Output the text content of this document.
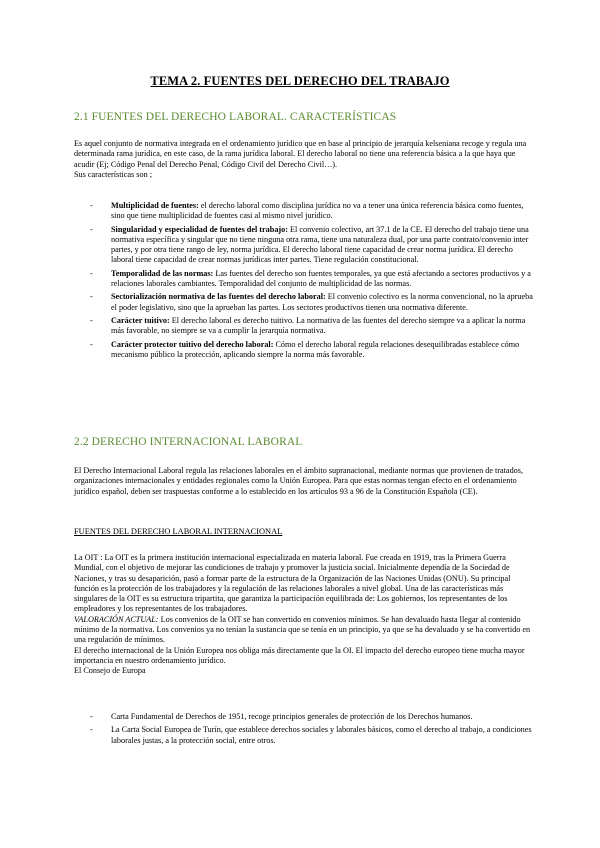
TEMA 2. FUENTES DEL DERECHO DEL TRABAJO
2.1 FUENTES DEL DERECHO LABORAL. CARACTERÍSTICAS

Es aquel conjunto de normativa integrada en el ordenamiento jurídico que en base al principio de jerarquía kelseniana recoge y regula una determinada rama jurídica, en este caso, de la rama jurídica laboral. El derecho laboral no tiene una referencia básica a la que haya que acudir (Ej; Código Penal del Derecho Penal, Código Civil del Derecho Civil…).

Sus características son ;

- Multiplicidad de fuentes: el derecho laboral como disciplina jurídica no va a tener una única referencia básica como fuentes, sino que tiene multiplicidad de fuentes casi al mismo nivel jurídico.
- Singularidad y especialidad de fuentes del trabajo: El convenio colectivo, art 37.1 de la CE. El derecho del trabajo tiene una normativa específica y singular que no tiene ninguna otra rama, tiene una naturaleza dual, por una parte contrato/convenio inter partes, y por otra tiene rango de ley, norma jurídica. El derecho laboral tiene capacidad de crear norma jurídica. El derecho laboral tiene capacidad de crear normas jurídicas inter partes. Tiene regulación constitucional.
- Temporalidad de las normas: Las fuentes del derecho son fuentes temporales, ya que está afectando a sectores productivos y a relaciones laborales cambiantes. Temporalidad del conjunto de multiplicidad de las normas.
- Sectorialización normativa de las fuentes del derecho laboral: El convenio colectivo es la norma convencional, no la aprueba el poder legislativo, sino que la aprueban las partes. Los sectores productivos tienen una normativa diferente.
- Carácter tuitivo: El derecho laboral es derecho tuitivo. La normativa de las fuentes del derecho siempre va a aplicar la norma más favorable, no siempre se va a cumplir la jerarquía normativa.
- Carácter protector tuitivo del derecho laboral: Cómo el derecho laboral regula relaciones desequilibradas establece cómo mecanismo público la protección, aplicando siempre la norma más favorable.
2.2 DERECHO INTERNACIONAL LABORAL
El Derecho Internacional Laboral regula las relaciones laborales en el ámbito supranacional, mediante normas que provienen de tratados, organizaciones internacionales y entidades regionales como la Unión Europea. Para que estas normas tengan efecto en el ordenamiento jurídico español, deben ser traspuestas conforme a lo establecido en los artículos 93 a 96 de la Constitución Española (CE).
FUENTES DEL DERECHO LABORAL INTERNACIONAL

La OIT : La OIT es la primera institución internacional especializada en materia laboral. Fue creada en 1919, tras la Primera Guerra Mundial, con el objetivo de mejorar las condiciones de trabajo y promover la justicia social. Inicialmente dependía de la Sociedad de Naciones, y tras su desaparición, pasó a formar parte de la estructura de la Organización de las Naciones Unidas (ONU). Su principal función es la protección de los trabajadores y la regulación de las relaciones laborales a nivel global. Una de las características más singulares de la OIT es su estructura tripartita, que garantiza la participación equilibrada de: Los gobiernos, los representantes de los empleadores y los representantes de los trabajadores.

VALORACIÓN ACTUAL: Los convenios de la OIT se han convertido en convenios mínimos. Se han devaluado hasta llegar al contenido mínimo de la normativa. Los convenios ya no tenían la sustancia que se tenía en un principio, ya que se ha devaluado y se ha convertido en una regulación de mínimos.

El derecho internacional de la Unión Europea nos obliga más directamente que la OI. El impacto del derecho europeo tiene mucha mayor importancia en nuestro ordenamiento jurídico.

El Consejo de Europa

- Carta Fundamental de Derechos de 1951, recoge principios generales de protección de los Derechos humanos.
- La Carta Social Europea de Turín, que establece derechos sociales y laborales básicos, como el derecho al trabajo, a condiciones laborales justas, a la protección social, entre otros.
